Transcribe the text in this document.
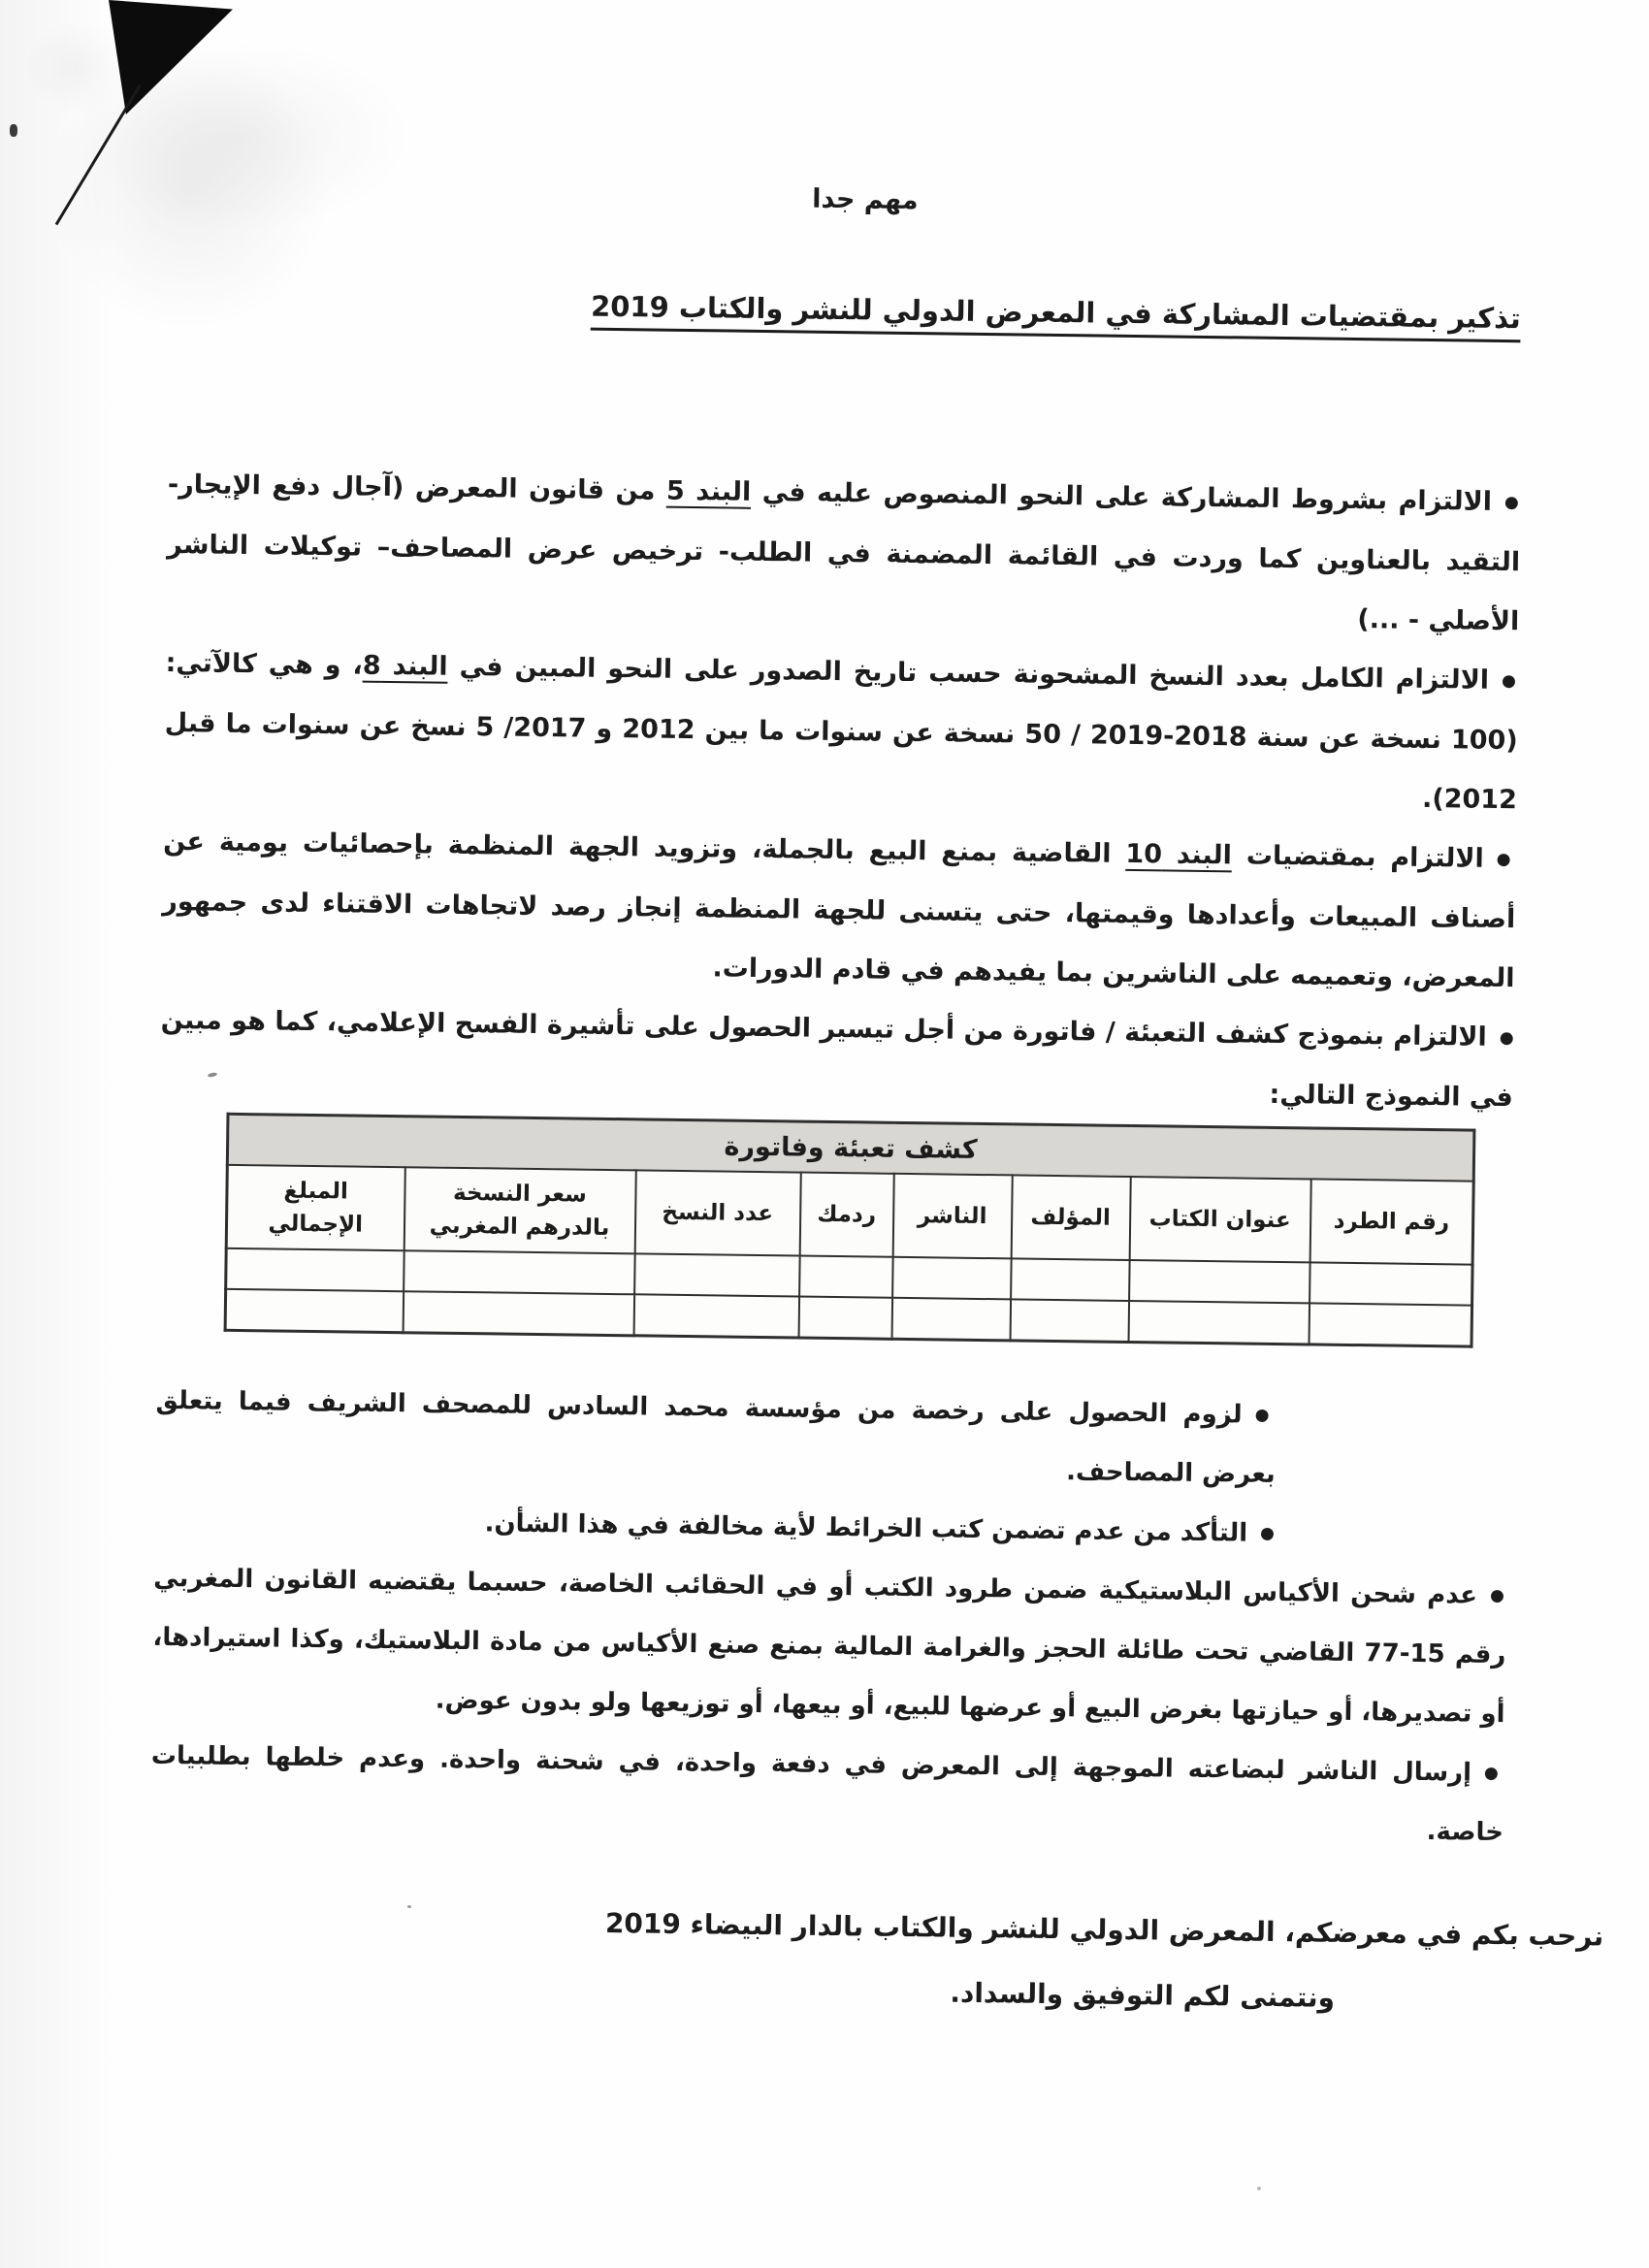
مهم جدا
تذكير بمقتضيات المشاركة في المعرض الدولي للنشر والكتاب 2019
●الالتزام بشروط المشاركة على النحو المنصوص عليه في البند 5 من قانون المعرض (آجال دفع الإيجار- التقيد بالعناوين كما وردت في القائمة المضمنة في الطلب- ترخيص عرض المصاحف– توكيلات الناشر الأصلي - ...)
●الالتزام الكامل بعدد النسخ المشحونة حسب تاريخ الصدور على النحو المبين في البند 8، و هي كالآتي: (100 نسخة عن سنة 2018-2019 / 50 نسخة عن سنوات ما بين 2012 و 2017/ 5 نسخ عن سنوات ما قبل 2012).
●الالتزام بمقتضيات البند 10 القاضية بمنع البيع بالجملة، وتزويد الجهة المنظمة بإحصائيات يومية عن أصناف المبيعات وأعدادها وقيمتها، حتى يتسنى للجهة المنظمة إنجاز رصد لاتجاهات الاقتناء لدى جمهور المعرض، وتعميمه على الناشرين بما يفيدهم في قادم الدورات.
●الالتزام بنموذج كشف التعبئة / فاتورة من أجل تيسير الحصول على تأشيرة الفسح الإعلامي، كما هو مبين في النموذج التالي:
كشف تعبئة وفاتورة							
رقم الطرد	عنوان الكتاب	المؤلف	الناشر	ردمك	عدد النسخ	سعر النسخة بالدرهم المغربي	المبلغ الإجمالي

●لزوم الحصول على رخصة من مؤسسة محمد السادس للمصحف الشريف فيما يتعلق بعرض المصاحف.
●التأكد من عدم تضمن كتب الخرائط لأية مخالفة في هذا الشأن.
●عدم شحن الأكياس البلاستيكية ضمن طرود الكتب أو في الحقائب الخاصة، حسبما يقتضيه القانون المغربي رقم 15-77 القاضي تحت طائلة الحجز والغرامة المالية بمنع صنع الأكياس من مادة البلاستيك، وكذا استيرادها، أو تصديرها، أو حيازتها بغرض البيع أو عرضها للبيع، أو بيعها، أو توزيعها ولو بدون عوض.
●إرسال الناشر لبضاعته الموجهة إلى المعرض في دفعة واحدة، في شحنة واحدة. وعدم خلطها بطلبيات خاصة.
نرحب بكم في معرضكم، المعرض الدولي للنشر والكتاب بالدار البيضاء 2019
ونتمنى لكم التوفيق والسداد.
